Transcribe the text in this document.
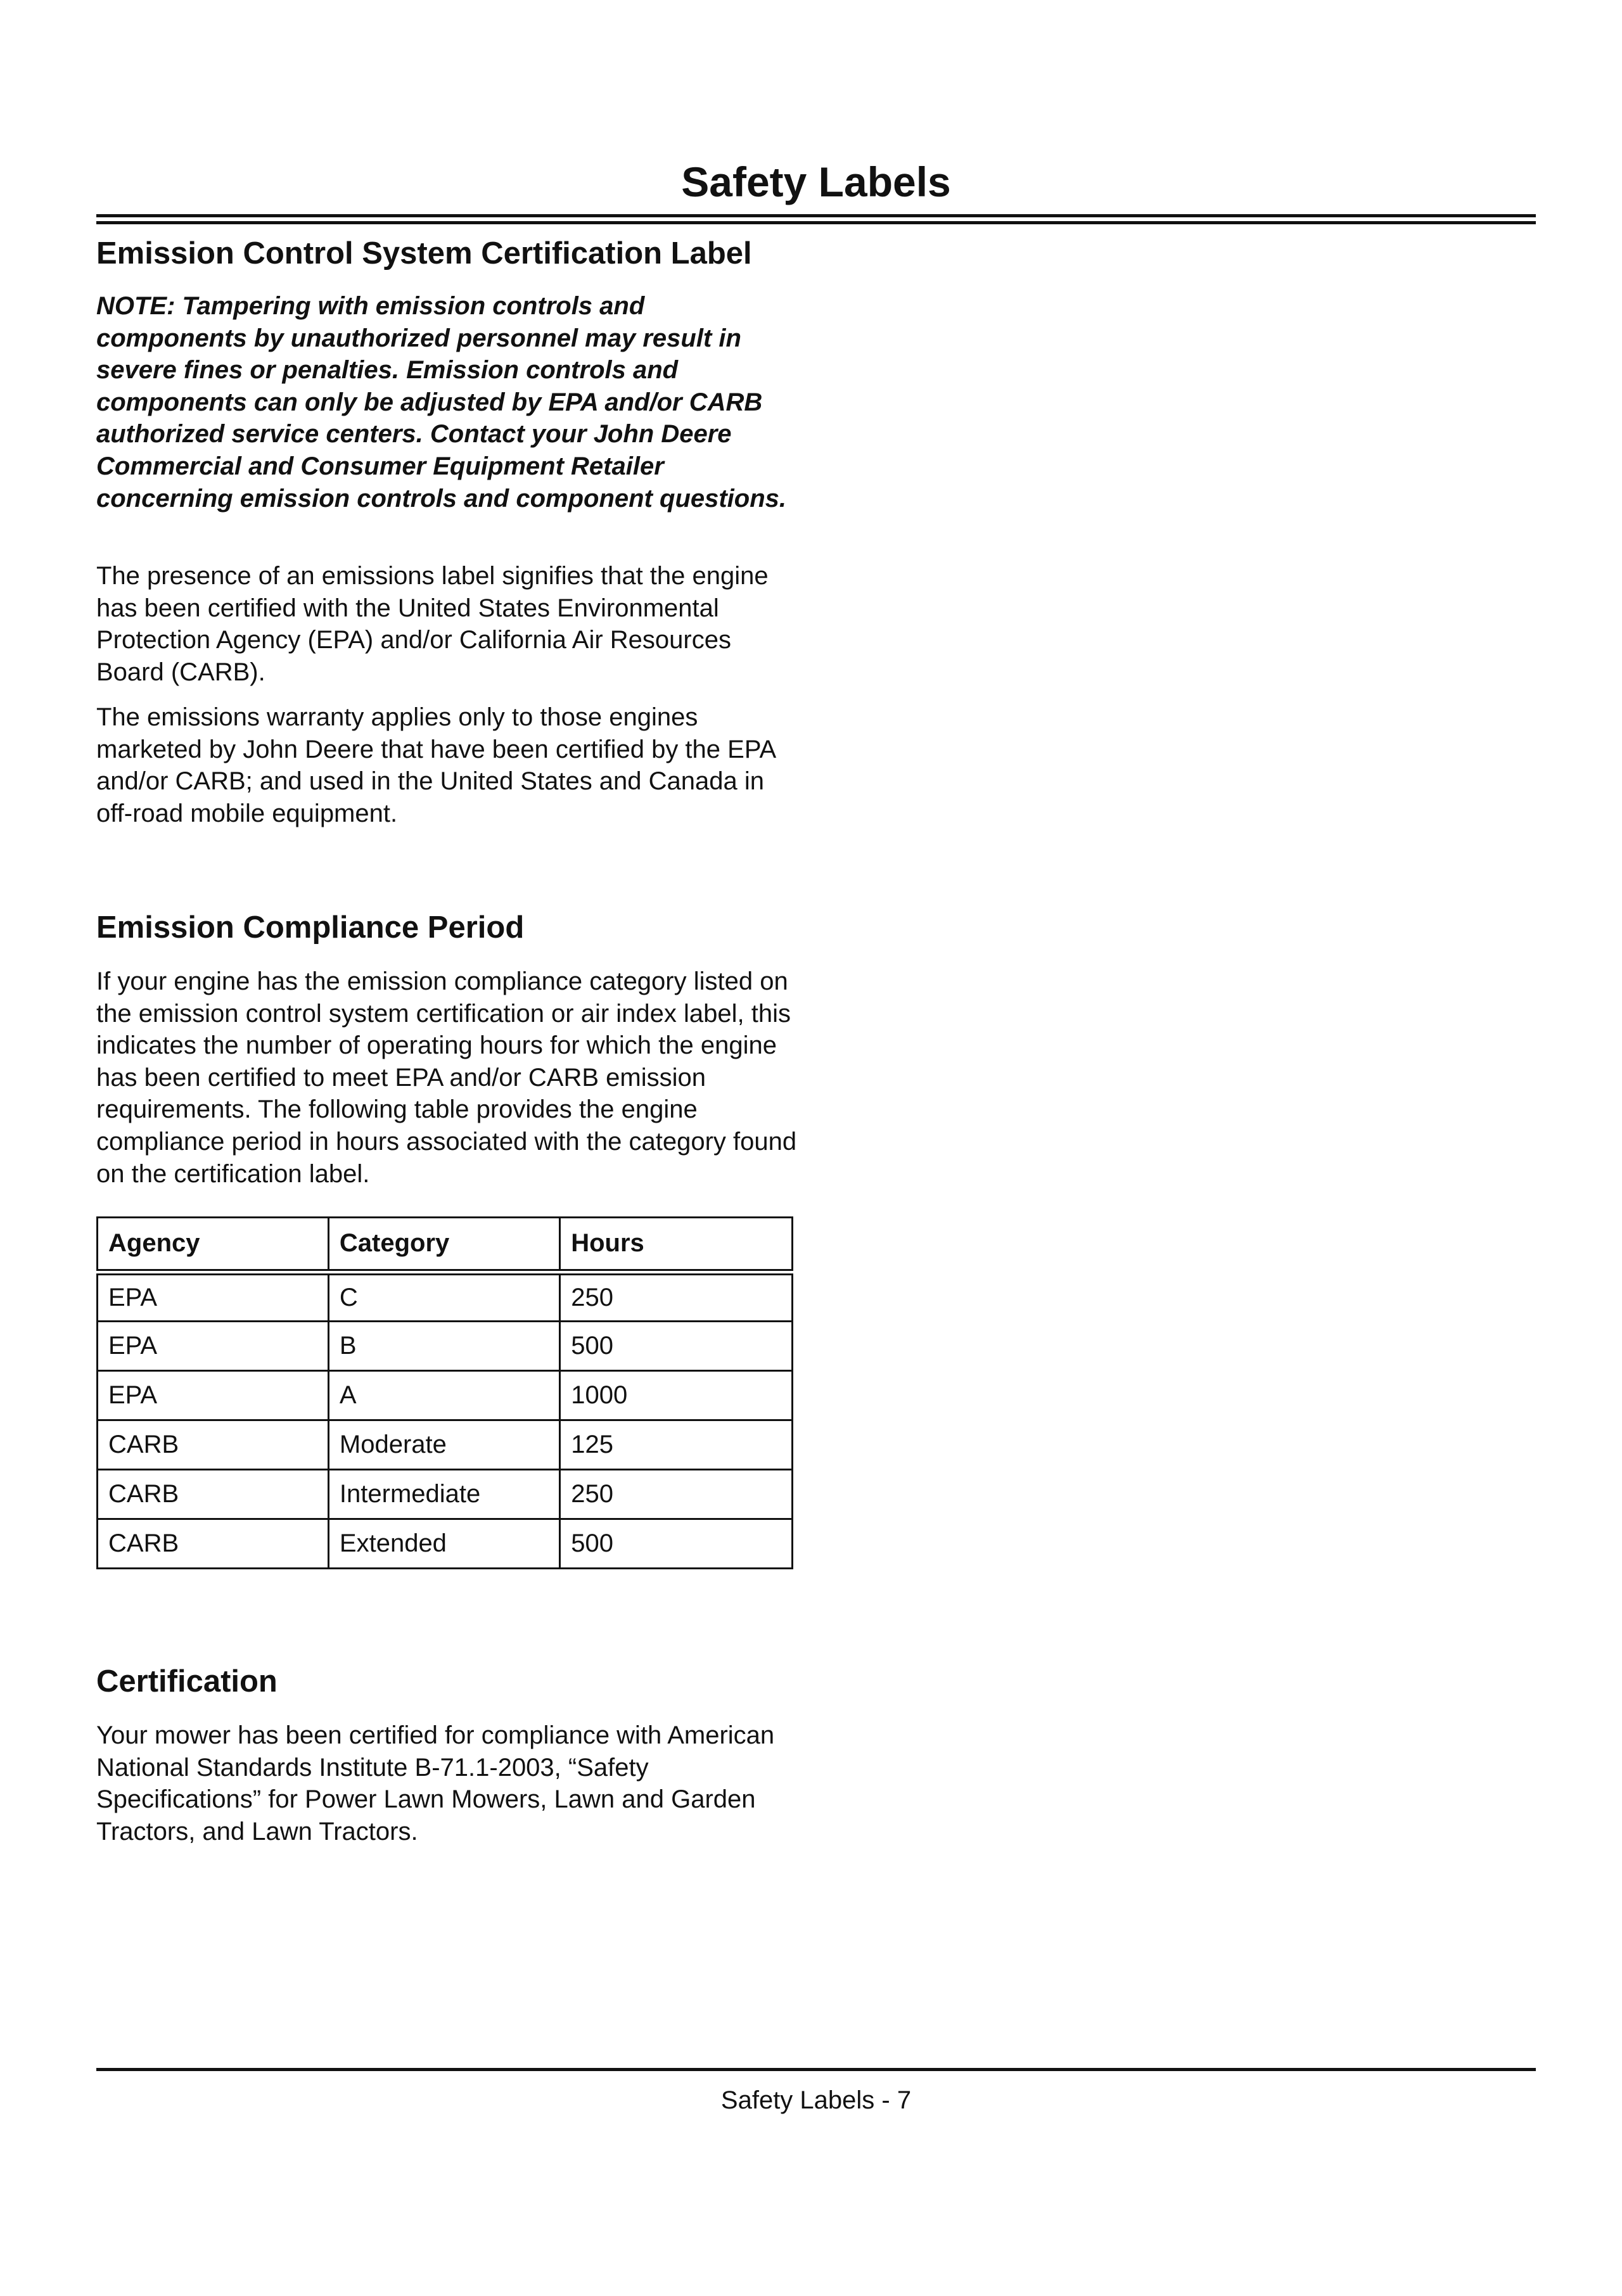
Safety Labels
Emission Control System Certification Label

NOTE: Tampering with emission controls and components by unauthorized personnel may result in severe fines or penalties. Emission controls and components can only be adjusted by EPA and/or CARB authorized service centers. Contact your John Deere Commercial and Consumer Equipment Retailer concerning emission controls and component questions.

The presence of an emissions label signifies that the engine has been certified with the United States Environmental Protection Agency (EPA) and/or California Air Resources Board (CARB).

The emissions warranty applies only to those engines marketed by John Deere that have been certified by the EPA and/or CARB; and used in the United States and Canada in off-road mobile equipment.

Emission Compliance Period

If your engine has the emission compliance category listed on the emission control system certification or air index label, this indicates the number of operating hours for which the engine has been certified to meet EPA and/or CARB emission requirements. The following table provides the engine compliance period in hours associated with the category found on the certification label.

Agency	Category	Hours
EPA	C	250
EPA	B	500
EPA	A	1000
CARB	Moderate	125
CARB	Intermediate	250
CARB	Extended	500
Certification

Your mower has been certified for compliance with American National Standards Institute B-71.1-2003, “Safety Specifications” for Power Lawn Mowers, Lawn and Garden Tractors, and Lawn Tractors.

Safety Labels - 7
